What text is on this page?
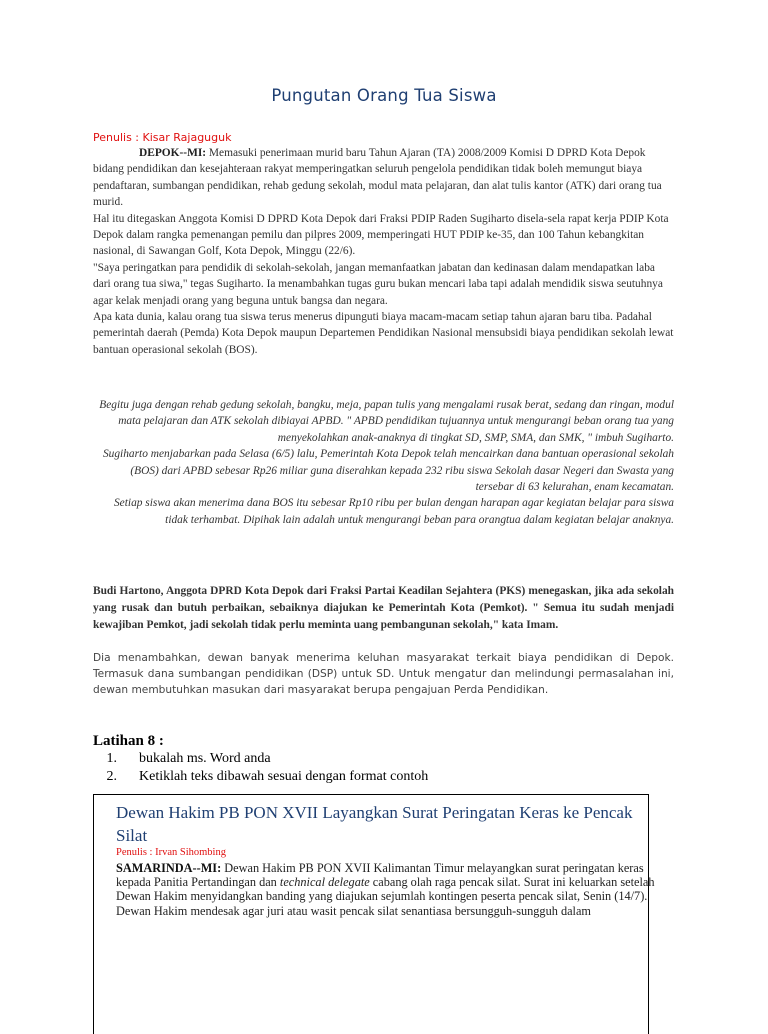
Pungutan Orang Tua Siswa
Penulis : Kisar Rajaguguk

DEPOK--MI: Memasuki penerimaan murid baru Tahun Ajaran (TA) 2008/2009 Komisi D DPRD Kota Depok bidang pendidikan dan kesejahteraan rakyat memperingatkan seluruh pengelola pendidikan tidak boleh memungut biaya pendaftaran, sumbangan pendidikan, rehab gedung sekolah, modul mata pelajaran, dan alat tulis kantor (ATK) dari orang tua murid.

Hal itu ditegaskan Anggota Komisi D DPRD Kota Depok dari Fraksi PDIP Raden Sugiharto disela-sela rapat kerja PDIP Kota Depok dalam rangka pemenangan pemilu dan pilpres 2009, memperingati HUT PDIP ke-35, dan 100 Tahun kebangkitan nasional, di Sawangan Golf, Kota Depok, Minggu (22/6).

"Saya peringatkan para pendidik di sekolah-sekolah, jangan memanfaatkan jabatan dan kedinasan dalam mendapatkan laba dari orang tua siwa," tegas Sugiharto. Ia menambahkan tugas guru bukan mencari laba tapi adalah mendidik siswa seutuhnya agar kelak menjadi orang yang beguna untuk bangsa dan negara.

Apa kata dunia, kalau orang tua siswa terus menerus dipunguti biaya macam-macam setiap tahun ajaran baru tiba. Padahal pemerintah daerah (Pemda) Kota Depok maupun Departemen Pendidikan Nasional mensubsidi biaya pendidikan sekolah lewat bantuan operasional sekolah (BOS).

Begitu juga dengan rehab gedung sekolah, bangku, meja, papan tulis yang mengalami rusak berat, sedang dan ringan, modul mata pelajaran dan ATK sekolah dibiayai APBD. " APBD pendidikan tujuannya untuk mengurangi beban orang tua yang menyekolahkan anak-anaknya di tingkat SD, SMP, SMA, dan SMK, " imbuh Sugiharto.

Sugiharto menjabarkan pada Selasa (6/5) lalu, Pemerintah Kota Depok telah mencairkan dana bantuan operasional sekolah (BOS) dari APBD sebesar Rp26 miliar guna diserahkan kepada 232 ribu siswa Sekolah dasar Negeri dan Swasta yang tersebar di 63 kelurahan, enam kecamatan.

Setiap siswa akan menerima dana BOS itu sebesar Rp10 ribu per bulan dengan harapan agar kegiatan belajar para siswa tidak terhambat. Dipihak lain adalah untuk mengurangi beban para orangtua dalam kegiatan belajar anaknya.

Budi Hartono, Anggota DPRD Kota Depok dari Fraksi Partai Keadilan Sejahtera (PKS) menegaskan, jika ada sekolah yang rusak dan butuh perbaikan, sebaiknya diajukan ke Pemerintah Kota (Pemkot). " Semua itu sudah menjadi kewajiban Pemkot, jadi sekolah tidak perlu meminta uang pembangunan sekolah," kata Imam.
Dia menambahkan, dewan banyak menerima keluhan masyarakat terkait biaya pendidikan di Depok. Termasuk dana sumbangan pendidikan (DSP) untuk SD. Untuk mengatur dan melindungi permasalahan ini, dewan membutuhkan masukan dari masyarakat berupa pengajuan Perda Pendidikan.
Latihan 8 :
1. bukalah ms. Word anda
2. Ketiklah teks dibawah sesuai dengan format contoh
Dewan Hakim PB PON XVII Layangkan Surat Peringatan Keras ke Pencak Silat
Penulis : Irvan Sihombing

SAMARINDA--MI: Dewan Hakim PB PON XVII Kalimantan Timur melayangkan surat peringatan keras kepada Panitia Pertandingan dan technical delegate cabang olah raga pencak silat. Surat ini keluarkan setelah Dewan Hakim menyidangkan banding yang diajukan sejumlah kontingen peserta pencak silat, Senin (14/7).

Dewan Hakim mendesak agar juri atau wasit pencak silat senantiasa bersungguh-sungguh dalam
